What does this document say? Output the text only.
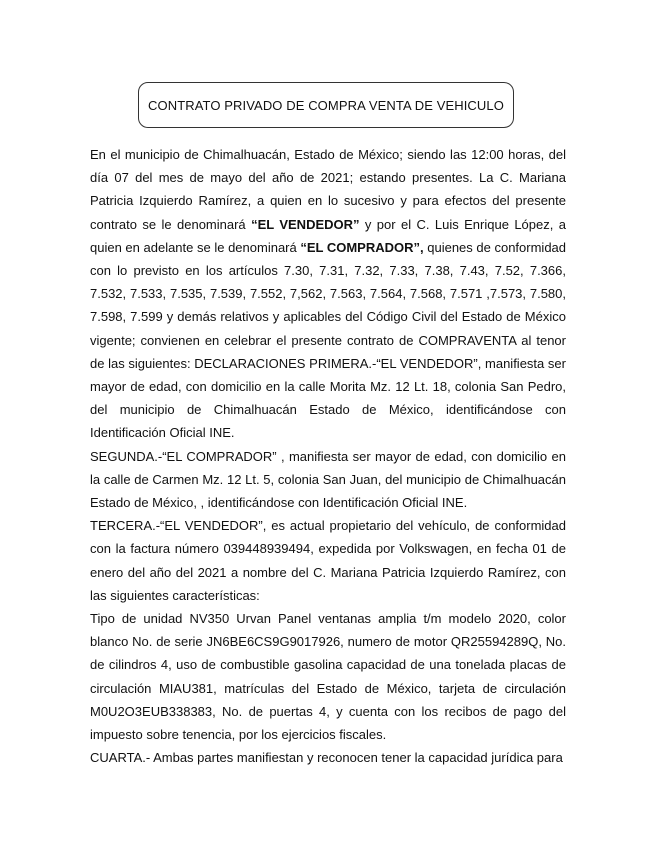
CONTRATO PRIVADO DE COMPRA VENTA DE VEHICULO

En el municipio de Chimalhuacán, Estado de México; siendo las 12:00 horas, del día 07 del mes de mayo del año de 2021; estando presentes. La C. Mariana Patricia Izquierdo Ramírez, a quien en lo sucesivo y para efectos del presente contrato se le denominará “EL VENDEDOR” y por el C. Luis Enrique López, a quien en adelante se le denominará “EL COMPRADOR”, quienes de conformidad con lo previsto en los artículos 7.30, 7.31, 7.32, 7.33, 7.38, 7.43, 7.52, 7.366, 7.532, 7.533, 7.535, 7.539, 7.552, 7,562, 7.563, 7.564, 7.568, 7.571 ,7.573, 7.580, 7.598, 7.599 y demás relativos y aplicables del Código Civil del Estado de México vigente; convienen en celebrar el presente contrato de COMPRAVENTA al tenor de las siguientes: DECLARACIONES PRIMERA.-“EL VENDEDOR”, manifiesta ser mayor de edad, con domicilio en la calle Morita Mz. 12 Lt. 18, colonia San Pedro, del municipio de Chimalhuacán Estado de México, identificándose con Identificación Oficial INE.

SEGUNDA.-“EL COMPRADOR” , manifiesta ser mayor de edad, con domicilio en la calle de Carmen Mz. 12 Lt. 5, colonia San Juan, del municipio de Chimalhuacán Estado de México, , identificándose con Identificación Oficial INE.

TERCERA.-“EL VENDEDOR”, es actual propietario del vehículo, de conformidad con la factura número 039448939494, expedida por Volkswagen, en fecha 01 de enero del año del 2021 a nombre del C. Mariana Patricia Izquierdo Ramírez, con las siguientes características:

Tipo de unidad NV350 Urvan Panel ventanas amplia t/m modelo 2020, color blanco No. de serie JN6BE6CS9G9017926, numero de motor QR25594289Q, No. de cilindros 4, uso de combustible gasolina capacidad de una tonelada placas de circulación MIAU381, matrículas del Estado de México, tarjeta de circulación M0U2O3EUB338383, No. de puertas 4, y cuenta con los recibos de pago del impuesto sobre tenencia, por los ejercicios fiscales.

CUARTA.- Ambas partes manifiestan y reconocen tener la capacidad jurídica para
